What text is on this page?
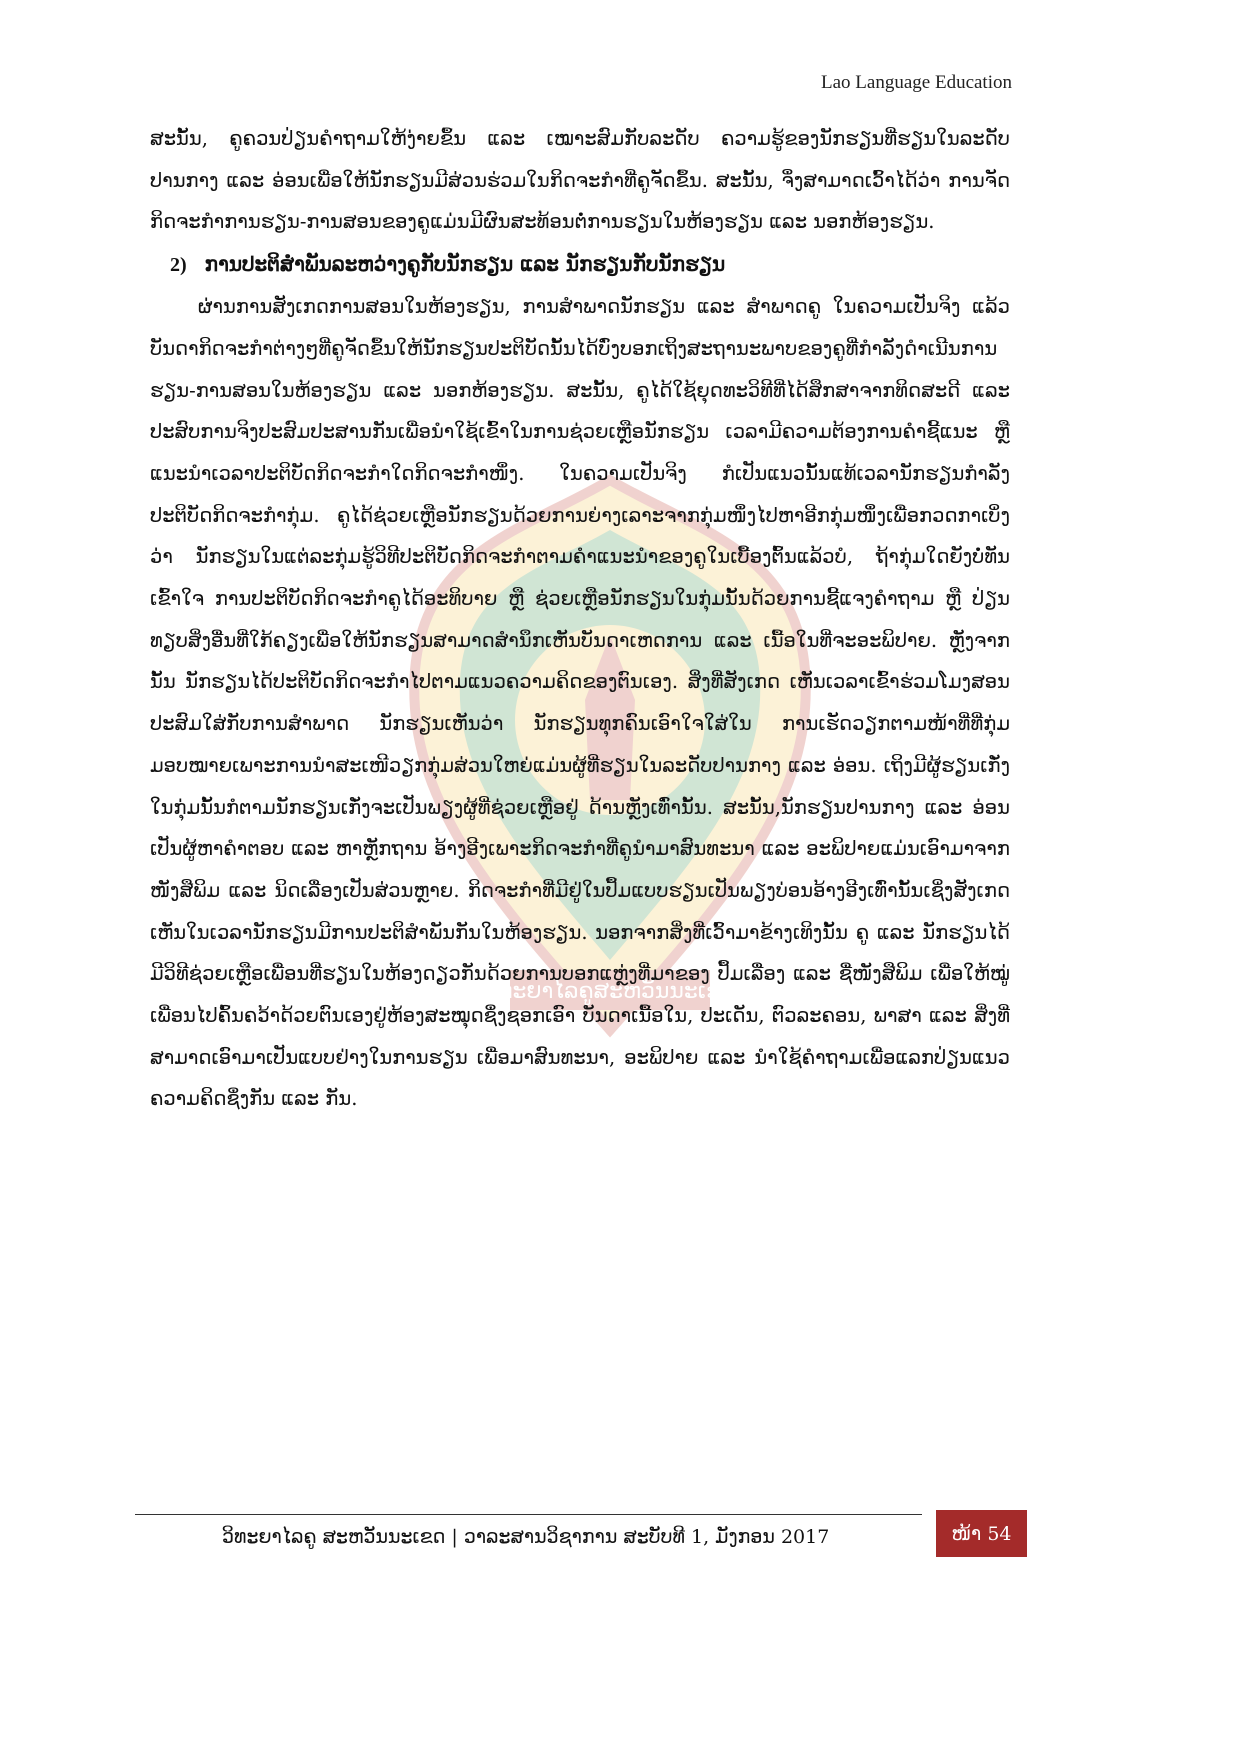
Lao Language Education
ວິທະຍາໄລຄູສະຫວັນນະເຂດ

ສະນັ້ນ, ຄູຄວນປ່ຽນຄຳຖາມໃຫ້ງ່າຍຂຶ້ນ ແລະ ເໝາະສົມກັບລະດັບ ຄວາມຮູ້ຂອງນັກຮຽນທີ່ຮຽນໃນລະດັບປານກາງ ແລະ ອ່ອນເພື່ອໃຫ້ນັກຮຽນມີສ່ວນຮ່ວມໃນກິດຈະກຳທີ່ຄູຈັດຂຶ້ນ. ສະນັ້ນ, ຈຶ່ງສາມາດເວົ້າໄດ້ວ່າ ການຈັດກິດຈະກຳການຮຽນ-ການສອນຂອງຄູແມ່ນມີຜົນສະທ້ອນຕໍ່ການຮຽນໃນຫ້ອງຮຽນ ແລະ ນອກຫ້ອງຮຽນ.

2) ການປະຕິສຳພັນລະຫວ່າງຄູກັບນັກຮຽນ ແລະ ນັກຮຽນກັບນັກຮຽນ

ຜ່ານການສັງເກດການສອນໃນຫ້ອງຮຽນ, ການສຳພາດນັກຮຽນ ແລະ ສຳພາດຄູ ໃນຄວາມເປັນຈິງ ແລ້ວບັນດາກິດຈະກຳຕ່າງໆທີ່ຄູຈັດຂຶ້ນໃຫ້ນັກຮຽນປະຕິບັດນັ້ນໄດ້ບົ່ງບອກເຖິງສະຖານະພາບຂອງຄູທີ່ກຳລັງດຳເນີນການຮຽນ-ການສອນໃນຫ້ອງຮຽນ ແລະ ນອກຫ້ອງຮຽນ. ສະນັ້ນ, ຄູໄດ້ໃຊ້ຍຸດທະວິທີທີ່ໄດ້ສຶກສາຈາກທິດສະດີ ແລະ ປະສົບການຈິງປະສົມປະສານກັນເພື່ອນຳໃຊ້ເຂົ້າໃນການຊ່ວຍເຫຼືອນັກຮຽນ ເວລາມີຄວາມຕ້ອງການຄຳຊີ້ແນະ ຫຼື ແນະນຳເວລາປະຕິບັດກິດຈະກຳໃດກິດຈະກຳໜຶ່ງ. ໃນຄວາມເປັນຈິງ ກໍເປັນແນວນັ້ນແທ້ເວລານັກຮຽນກຳລັງປະຕິບັດກິດຈະກຳກຸ່ມ. ຄູໄດ້ຊ່ວຍເຫຼືອນັກຮຽນດ້ວຍການຍ່າງເລາະຈາກກຸ່ມໜຶ່ງໄປຫາອີກກຸ່ມໜຶ່ງເພື່ອກວດກາເບິ່ງວ່າ ນັກຮຽນໃນແຕ່ລະກຸ່ມຮູ້ວິທີປະຕິບັດກິດຈະກຳຕາມຄຳແນະນຳຂອງຄູໃນເບື້ອງຕົ້ນແລ້ວບໍ, ຖ້າກຸ່ມໃດຍັງບໍ່ທັນເຂົ້າໃຈ ການປະຕິບັດກິດຈະກຳຄູໄດ້ອະທິບາຍ ຫຼື ຊ່ວຍເຫຼືອນັກຮຽນໃນກຸ່ມນັ້ນດ້ວຍການຊີ້ແຈງຄຳຖາມ ຫຼື ປ່ຽນທຽບສິ່ງອື່ນທີ່ໃກ້ຄຽງເພື່ອໃຫ້ນັກຮຽນສາມາດສຳນຶກເຫັນບັນດາເຫດການ ແລະ ເນື້ອໃນທີ່ຈະອະພິປາຍ. ຫຼັງຈາກນັ້ນ ນັກຮຽນໄດ້ປະຕິບັດກິດຈະກຳໄປຕາມແນວຄວາມຄິດຂອງຕົນເອງ. ສິ່ງທີ່ສັງເກດ ເຫັນເວລາເຂົ້າຮ່ວມໂມງສອນປະສົມໃສ່ກັບການສຳພາດ ນັກຮຽນເຫັນວ່າ ນັກຮຽນທຸກຄົນເອົາໃຈໃສ່ໃນ ການເຮັດວຽກຕາມໜ້າທີ່ທີ່ກຸ່ມມອບໝາຍເພາະການນຳສະເໜີວຽກກຸ່ມສ່ວນໃຫຍ່ແມ່ນຜູ້ທີ່ຮຽນໃນລະດັບປານກາງ ແລະ ອ່ອນ. ເຖິງມີຜູ້ຮຽນເກັ່ງໃນກຸ່ມນັ້ນກໍຕາມນັກຮຽນເກັ່ງຈະເປັນພຽງຜູ້ທີ່ຊ່ວຍເຫຼືອຢູ່ ດ້ານຫຼັງເທົ່ານັ້ນ. ສະນັ້ນ,ນັກຮຽນປານກາງ ແລະ ອ່ອນເປັນຜູ້ຫາຄຳຕອບ ແລະ ຫາຫຼັກຖານ ອ້າງອີງເພາະກິດຈະກຳທີ່ຄູນຳມາສົນທະນາ ແລະ ອະພິປາຍແມ່ນເອົາມາຈາກໜັງສືພິມ ແລະ ນິດເລື່ອງເປັນສ່ວນຫຼາຍ. ກິດຈະກຳທີ່ມີຢູ່ໃນປຶ້ມແບບຮຽນເປັນພຽງບ່ອນອ້າງອີງເທົ່ານັ້ນເຊິ່ງສັງເກດ ເຫັນໃນເວລານັກຮຽນມີການປະຕິສຳພັນກັນໃນຫ້ອງຮຽນ. ນອກຈາກສິ່ງທີ່ເວົ້າມາຂ້າງເທິງນັ້ນ ຄູ ແລະ ນັກຮຽນໄດ້ມີວິທີຊ່ວຍເຫຼືອເພື່ອນທີ່ຮຽນໃນຫ້ອງດຽວກັນດ້ວຍການບອກແຫຼ່ງທີ່ມາຂອງ ປຶ້ມເລື່ອງ ແລະ ຊື່ໜັງສືພິມ ເພື່ອໃຫ້ໝູ່ເພື່ອນໄປຄົ້ນຄວ້າດ້ວຍຕົນເອງຢູ່ຫ້ອງສະໝຸດຊຶ່ງຊອກເອົາ ບັນດາເນື້ອໃນ, ປະເດັນ, ຕົວລະຄອນ, ພາສາ ແລະ ສິ່ງທີ່ສາມາດເອົາມາເປັນແບບຢ່າງໃນການຮຽນ ເພື່ອມາສົນທະນາ, ອະພິປາຍ ແລະ ນຳໃຊ້ຄຳຖາມເພື່ອແລກປ່ຽນແນວຄວາມຄິດຊຶ່ງກັນ ແລະ ກັນ.

ວິທະຍາໄລຄູ ສະຫວັນນະເຂດ | ວາລະສານວິຊາການ ສະບັບທີ 1, ມັງກອນ 2017	ໜ້າ 54
